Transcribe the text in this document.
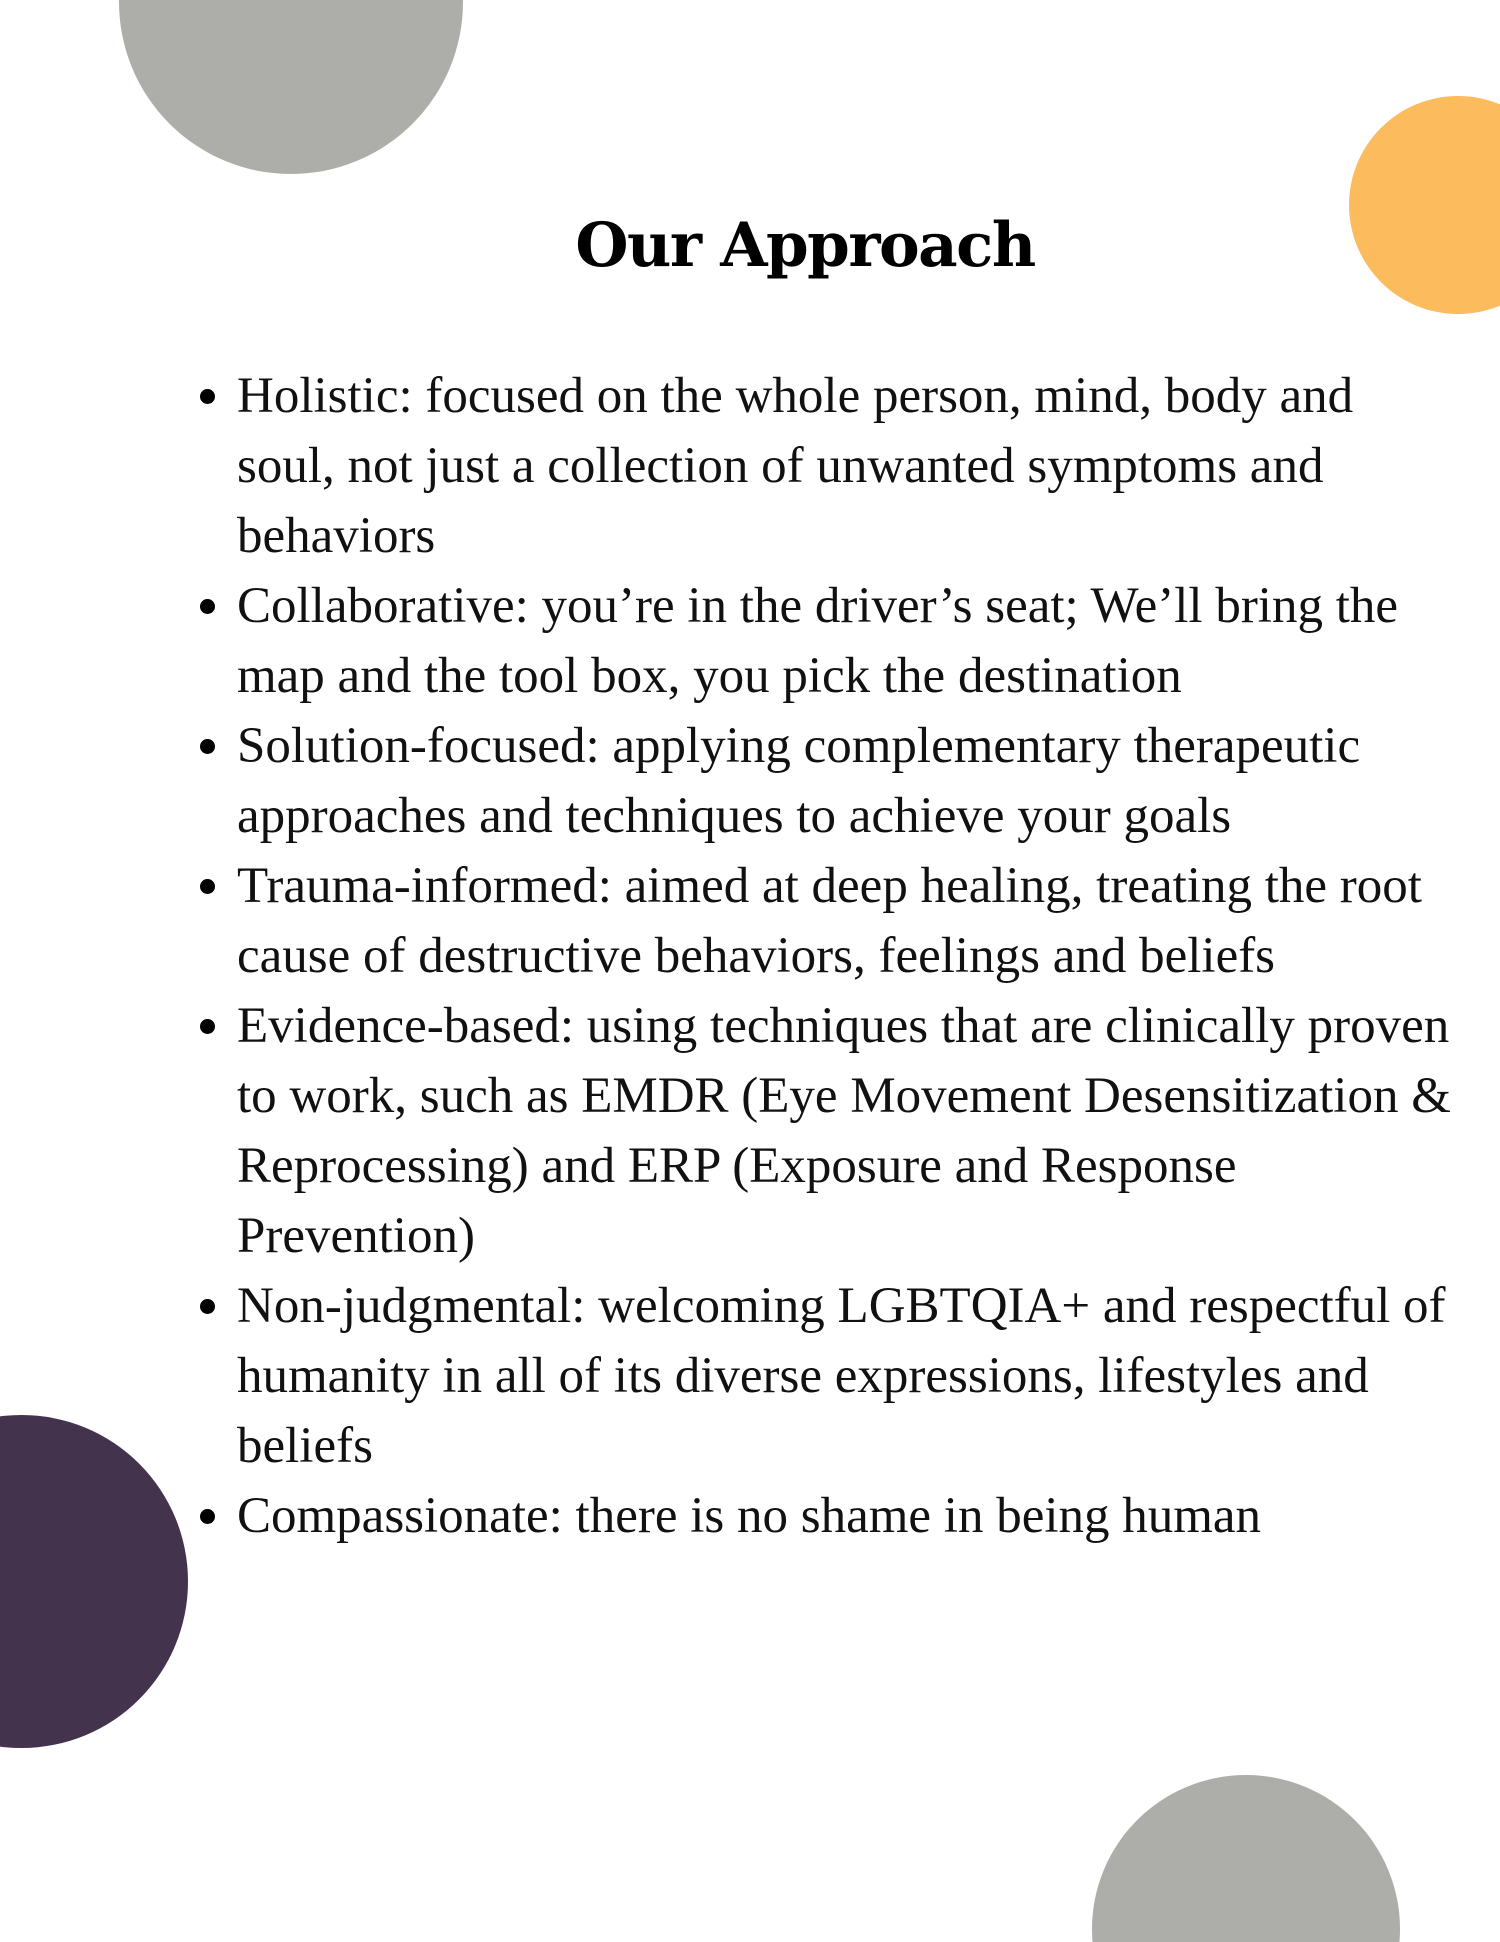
Our Approach
Holistic: focused on the whole person, mind, body and soul, not just a collection of unwanted symptoms and behaviors
Collaborative: you’re in the driver’s seat; We’ll bring the map and the tool box, you pick the destination
Solution-focused: applying complementary therapeutic approaches and techniques to achieve your goals
Trauma-informed: aimed at deep healing, treating the root cause of destructive behaviors, feelings and beliefs
Evidence-based: using techniques that are clinically proven to work, such as EMDR (Eye Movement Desensitization & Reprocessing) and ERP (Exposure and Response Prevention)
Non-judgmental: welcoming LGBTQIA+ and respectful of humanity in all of its diverse expressions, lifestyles and beliefs
Compassionate: there is no shame in being human
